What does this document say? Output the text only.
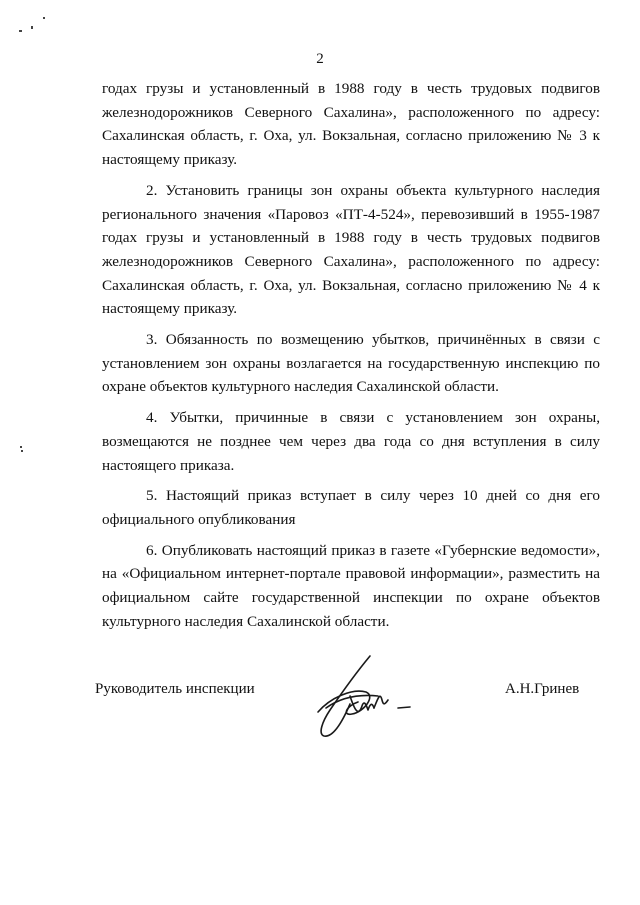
2

годах грузы и установленный в 1988 году в честь трудовых подвигов железнодорожников Северного Сахалина», расположенного по адресу: Сахалинская область, г. Оха, ул. Вокзальная, согласно приложению № 3 к настоящему приказу.

2. Установить границы зон охраны объекта культурного наследия регионального значения «Паровоз «ПТ-4-524», перевозивший в 1955-1987 годах грузы и установленный в 1988 году в честь трудовых подвигов железнодорожников Северного Сахалина», расположенного по адресу: Сахалинская область, г. Оха, ул. Вокзальная, согласно приложению № 4 к настоящему приказу.

3. Обязанность по возмещению убытков, причинённых в связи с установлением зон охраны возлагается на государственную инспекцию по охране объектов культурного наследия Сахалинской области.

4. Убытки, причинные в связи с установлением зон охраны, возмещаются не позднее чем через два года со дня вступления в силу настоящего приказа.

5. Настоящий приказ вступает в силу через 10 дней со дня его официального опубликования

6. Опубликовать настоящий приказ в газете «Губернские ведомости», на «Официальном интернет-портале правовой информации», разместить на официальном сайте государственной инспекции по охране объектов культурного наследия Сахалинской области.

Руководитель инспекции	А.Н.Гринев
